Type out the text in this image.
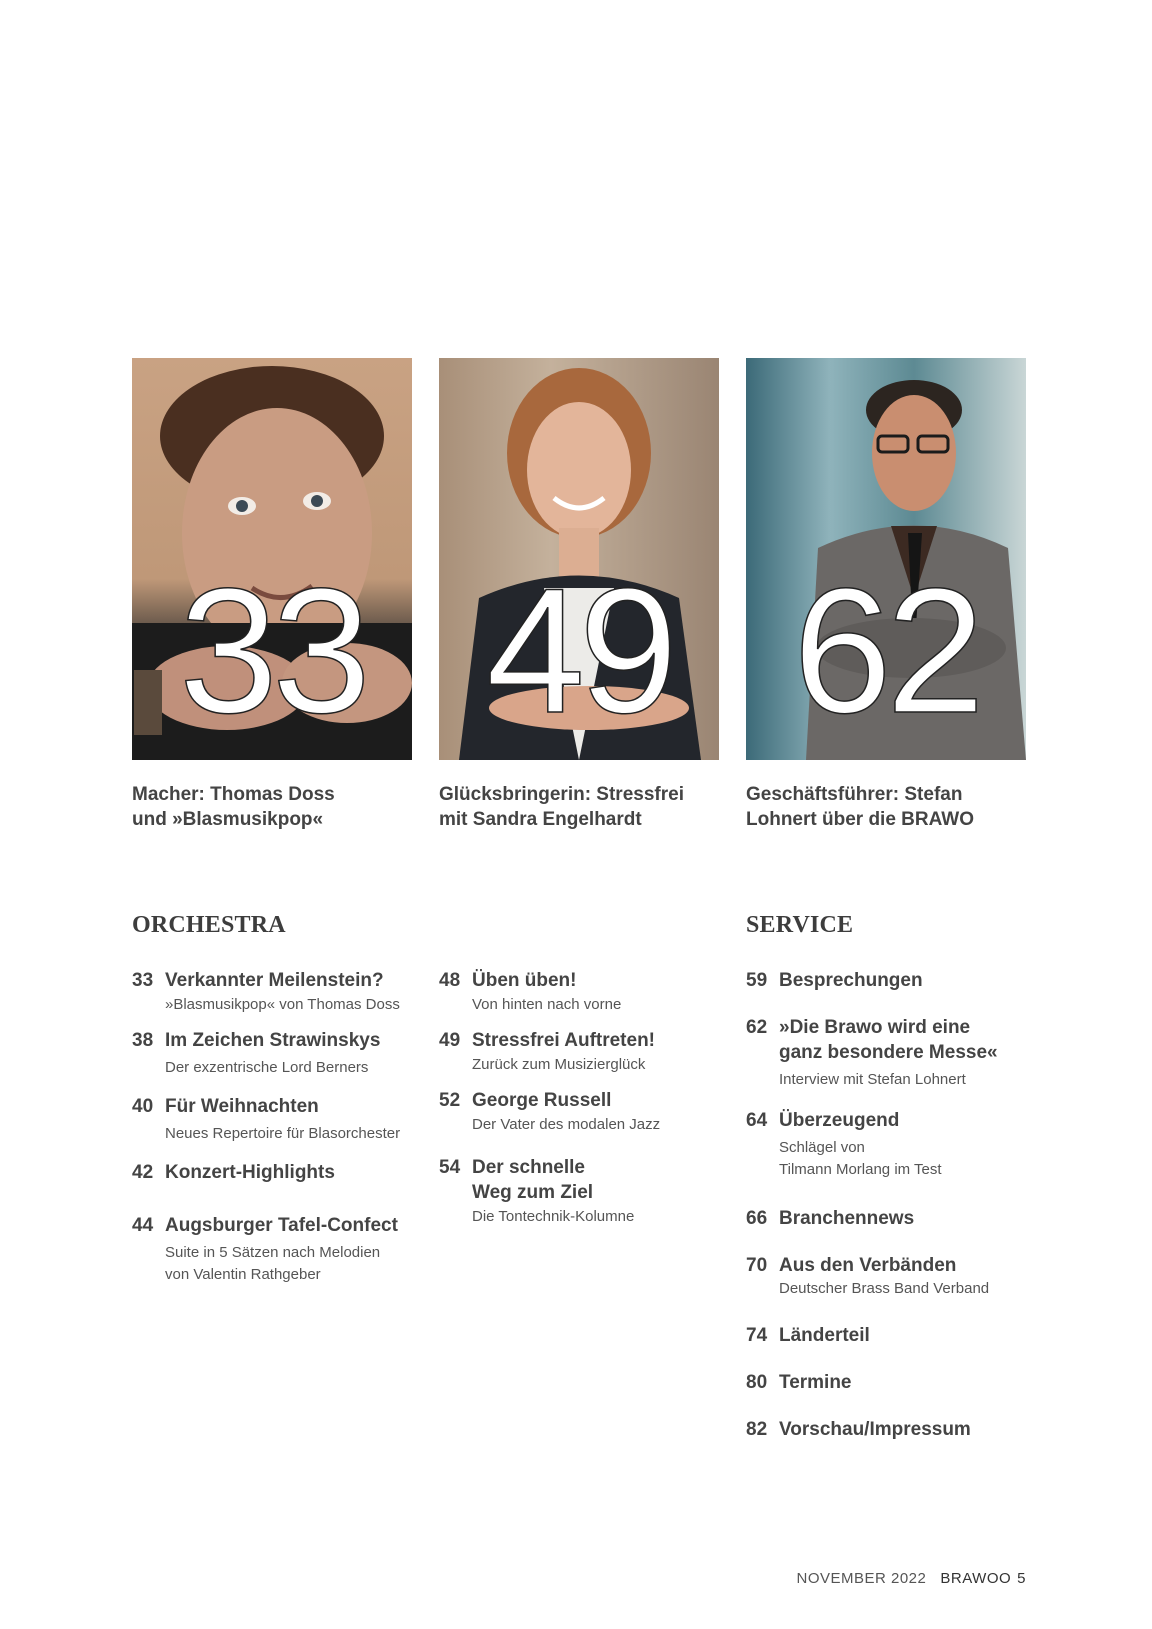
33
Macher: Thomas Doss
und »Blasmusikpop«
49
Glücksbringerin: Stressfrei
mit Sandra Engelhardt
62
Geschäftsführer: Stefan
Lohnert über die BRAWO
ORCHESTRA	SERVICE
33 Verkannter Meilenstein?
»Blasmusikpop« von Thomas Doss
38 Im Zeichen Strawinskys
Der exzentrische Lord Berners
40 Für Weihnachten
Neues Repertoire für Blasorchester
42 Konzert-Highlights
44 Augsburger Tafel-Confect
Suite in 5 Sätzen nach Melodien
von Valentin Rathgeber
48 Üben üben!
Von hinten nach vorne
49 Stressfrei Auftreten!
Zurück zum Musizierglück
52 George Russell
Der Vater des modalen Jazz
54 Der schnelle
Weg zum Ziel
Die Tontechnik-Kolumne
59 Besprechungen
62 »Die Brawo wird eine
ganz besondere Messe«
Interview mit Stefan Lohnert
64 Überzeugend
Schlägel von
Tilmann Morlang im Test
66 Branchennews
70 Aus den Verbänden
Deutscher Brass Band Verband
74 Länderteil
80 Termine
82 Vorschau/Impressum
NOVEMBER 2022 BRAWOO 5
